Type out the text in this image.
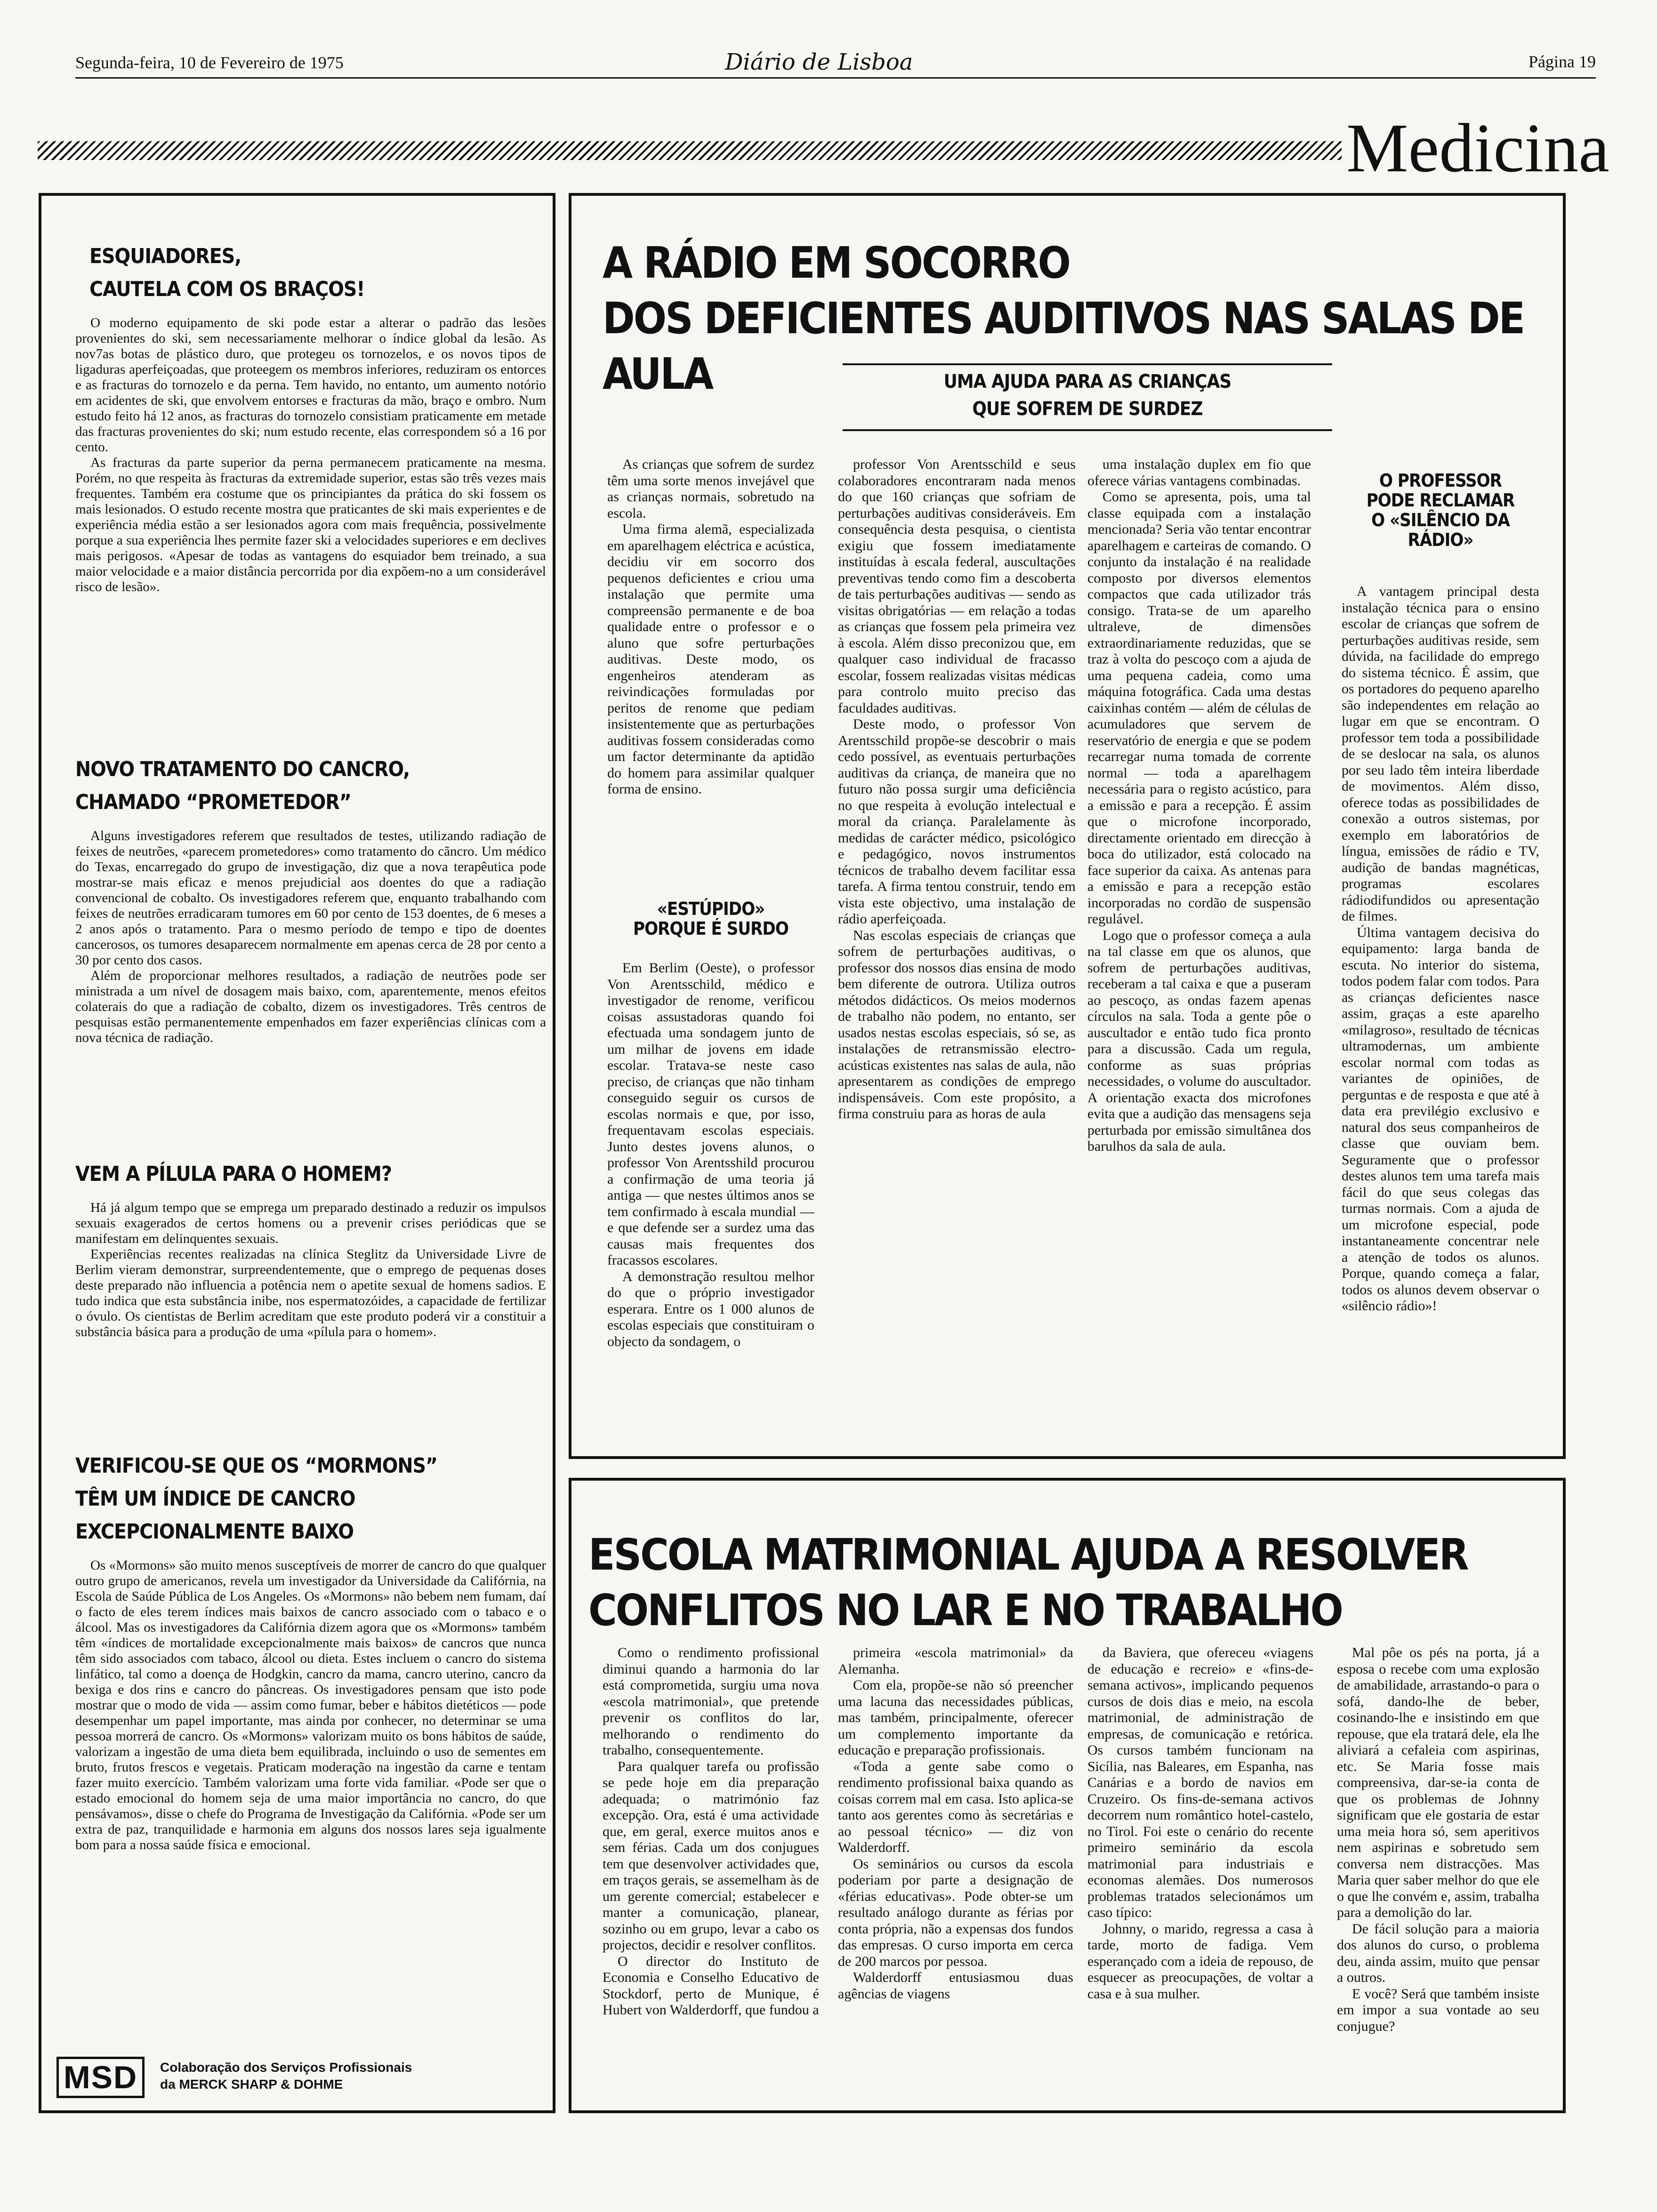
Segunda-feira, 10 de Fevereiro de 1975	Diário de Lisboa	Página 19
Medicina
ESQUIADORES,
CAUTELA COM OS BRAÇOS!

O moderno equipamento de ski pode estar a alterar o padrão das lesões provenientes do ski, sem necessariamente melhorar o índice global da lesão. As nov7as botas de plástico duro, que protegeu os tornozelos, e os novos tipos de ligaduras aperfeiçoadas, que proteegem os membros inferiores, reduziram os entorces e as fracturas do tornozelo e da perna. Tem havido, no entanto, um aumento notório em acidentes de ski, que envolvem entorses e fracturas da mão, braço e ombro. Num estudo feito há 12 anos, as fracturas do tornozelo consistiam praticamente em metade das fracturas provenientes do ski; num estudo recente, elas correspondem só a 16 por cento.

As fracturas da parte superior da perna permanecem praticamente na mesma. Porém, no que respeita às fracturas da extremidade superior, estas são três vezes mais frequentes. Também era costume que os principiantes da prática do ski fossem os mais lesionados. O estudo recente mostra que praticantes de ski mais experientes e de experiência média estão a ser lesionados agora com mais frequência, possivelmente porque a sua experiência lhes permite fazer ski a velocidades superiores e em declives mais perigosos. «Apesar de todas as vantagens do esquiador bem treinado, a sua maior velocidade e a maior distância percorrida por dia expõem-no a um considerável risco de lesão».

NOVO TRATAMENTO DO CANCRO,
CHAMADO “PROMETEDOR”

Alguns investigadores referem que resultados de testes, utilizando radiação de feixes de neutrões, «parecem prometedores» como tratamento do cãncro. Um médico do Texas, encarregado do grupo de investigação, diz que a nova terapêutica pode mostrar-se mais eficaz e menos prejudicial aos doentes do que a radiação convencional de cobalto. Os investigadores referem que, enquanto trabalhando com feixes de neutrões erradicaram tumores em 60 por cento de 153 doentes, de 6 meses a 2 anos após o tratamento. Para o mesmo período de tempo e tipo de doentes cancerosos, os tumores desaparecem normalmente em apenas cerca de 28 por cento a 30 por cento dos casos.

Além de proporcionar melhores resultados, a radiação de neutrões pode ser ministrada a um nível de dosagem mais baixo, com, aparentemente, menos efeitos colaterais do que a radiação de cobalto, dizem os investigadores. Três centros de pesquisas estão permanentemente empenhados em fazer experiências clínicas com a nova técnica de radiação.

VEM A PÍLULA PARA O HOMEM?

Há já algum tempo que se emprega um preparado destinado a reduzir os impulsos sexuais exagerados de certos homens ou a prevenir crises periódicas que se manifestam em delinquentes sexuais.

Experiências recentes realizadas na clínica Steglitz da Universidade Livre de Berlim vieram demonstrar, surpreendentemente, que o emprego de pequenas doses deste preparado não influencia a potência nem o apetite sexual de homens sadios. E tudo indica que esta substância inibe, nos espermatozóides, a capacidade de fertilizar o óvulo. Os cientistas de Berlim acreditam que este produto poderá vir a constituir a substância básica para a produção de uma «pílula para o homem».

VERIFICOU-SE QUE OS “MORMONS”
TÊM UM ÍNDICE DE CANCRO
EXCEPCIONALMENTE BAIXO

Os «Mormons» são muito menos susceptíveis de morrer de cancro do que qualquer outro grupo de americanos, revela um investigador da Universidade da Califórnia, na Escola de Saúde Pública de Los Angeles. Os «Mormons» não bebem nem fumam, daí o facto de eles terem índices mais baixos de cancro associado com o tabaco e o álcool. Mas os investigadores da Califórnia dizem agora que os «Mormons» também têm «índices de mortalidade excepcionalmente mais baixos» de cancros que nunca têm sido associados com tabaco, álcool ou dieta. Estes incluem o cancro do sistema linfático, tal como a doença de Hodgkin, cancro da mama, cancro uterino, cancro da bexiga e dos rins e cancro do pâncreas. Os investigadores pensam que isto pode mostrar que o modo de vida — assim como fumar, beber e hábitos dietéticos — pode desempenhar um papel importante, mas ainda por conhecer, no determinar se uma pessoa morrerá de cancro. Os «Mormons» valorizam muito os bons hábitos de saúde, valorizam a ingestão de uma dieta bem equilibrada, incluindo o uso de sementes em bruto, frutos frescos e vegetais. Praticam moderação na ingestão da carne e tentam fazer muito exercício. Também valorizam uma forte vida familiar. «Pode ser que o estado emocional do homem seja de uma maior importância no cancro, do que pensávamos», disse o chefe do Programa de Investigação da Califórnia. «Pode ser um extra de paz, tranquilidade e harmonia em alguns dos nossos lares seja igualmente bom para a nossa saúde física e emocional.

MSD	Colaboração dos Serviços Profissionais
da MERCK SHARP & DOHME
A RÁDIO EM SOCORRO
DOS DEFICIENTES AUDITIVOS NAS SALAS DE AULA	UMA AJUDA PARA AS CRIANÇAS
QUE SOFREM DE SURDEZ

As crianças que sofrem de surdez têm uma sorte menos invejável que as crianças normais, sobretudo na escola.

Uma firma alemã, especializada em aparelhagem eléctrica e acústica, decidiu vir em socorro dos pequenos deficientes e criou uma instalação que permite uma compreensão permanente e de boa qualidade entre o professor e o aluno que sofre perturbações auditivas. Deste modo, os engenheiros atenderam as reivindicações formuladas por peritos de renome que pediam insistentemente que as perturbações auditivas fossem consideradas como um factor determinante da aptidão do homem para assimilar qualquer forma de ensino.

«ESTÚPIDO»
PORQUE É SURDO

Em Berlim (Oeste), o professor Von Arentsschild, médico e investigador de renome, verificou coisas assustadoras quando foi efectuada uma sondagem junto de um milhar de jovens em idade escolar. Tratava-se neste caso preciso, de crianças que não tinham conseguido seguir os cursos de escolas normais e que, por isso, frequentavam escolas especiais. Junto destes jovens alunos, o professor Von Arentsshild procurou a confirmação de uma teoria já antiga — que nestes últimos anos se tem confirmado à escala mundial — e que defende ser a surdez uma das causas mais frequentes dos fracassos escolares.

A demonstração resultou melhor do que o próprio investigador esperara. Entre os 1 000 alunos de escolas especiais que constituiram o objecto da sondagem, o

professor Von Arentsschild e seus colaboradores encontraram nada menos do que 160 crianças que sofriam de perturbações auditivas consideráveis. Em consequência desta pesquisa, o cientista exigiu que fossem imediatamente instituídas à escala federal, auscultações preventivas tendo como fim a descoberta de tais perturbações auditivas — sendo as visitas obrigatórias — em relação a todas as crianças que fossem pela primeira vez à escola. Além disso preconizou que, em qualquer caso individual de fracasso escolar, fossem realizadas visitas médicas para controlo muito preciso das faculdades auditivas.

Deste modo, o professor Von Arentsschild propõe-se descobrir o mais cedo possível, as eventuais perturbações auditivas da criança, de maneira que no futuro não possa surgir uma deficiência no que respeita à evolução intelectual e moral da criança. Paralelamente às medidas de carácter médico, psicológico e pedagógico, novos instrumentos técnicos de trabalho devem facilitar essa tarefa. A firma tentou construir, tendo em vista este objectivo, uma instalação de rádio aperfeiçoada.

Nas escolas especiais de crianças que sofrem de perturbações auditivas, o professor dos nossos dias ensina de modo bem diferente de outrora. Utiliza outros métodos didácticos. Os meios modernos de trabalho não podem, no entanto, ser usados nestas escolas especiais, só se, as instalações de retransmissão electro-acústicas existentes nas salas de aula, não apresentarem as condições de emprego indispensáveis. Com este propósito, a firma construiu para as horas de aula

uma instalação duplex em fio que oferece várias vantagens combinadas.

Como se apresenta, pois, uma tal classe equipada com a instalação mencionada? Seria vão tentar encontrar aparelhagem e carteiras de comando. O conjunto da instalação é na realidade composto por diversos elementos compactos que cada utilizador trás consigo. Trata-se de um aparelho ultraleve, de dimensões extraordinariamente reduzidas, que se traz à volta do pescoço com a ajuda de uma pequena cadeia, como uma máquina fotográfica. Cada uma destas caixinhas contém — além de células de acumuladores que servem de reservatório de energia e que se podem recarregar numa tomada de corrente normal — toda a aparelhagem necessária para o registo acústico, para a emissão e para a recepção. É assim que o microfone incorporado, directamente orientado em direcção à boca do utilizador, está colocado na face superior da caixa. As antenas para a emissão e para a recepção estão incorporadas no cordão de suspensão regulável.

Logo que o professor começa a aula na tal classe em que os alunos, que sofrem de perturbações auditivas, receberam a tal caixa e que a puseram ao pescoço, as ondas fazem apenas círculos na sala. Toda a gente pôe o auscultador e então tudo fica pronto para a discussão. Cada um regula, conforme as suas próprias necessidades, o volume do auscultador. A orientação exacta dos microfones evita que a audição das mensagens seja perturbada por emissão simultânea dos barulhos da sala de aula.

O PROFESSOR
PODE RECLAMAR
O «SILÊNCIO DA
RÁDIO»

A vantagem principal desta instalação técnica para o ensino escolar de crianças que sofrem de perturbações auditivas reside, sem dúvida, na facilidade do emprego do sistema técnico. É assim, que os portadores do pequeno aparelho são independentes em relação ao lugar em que se encontram. O professor tem toda a possibilidade de se deslocar na sala, os alunos por seu lado têm inteira liberdade de movimentos. Além disso, oferece todas as possibilidades de conexão a outros sistemas, por exemplo em laboratórios de língua, emissões de rádio e TV, audição de bandas magnéticas, programas escolares rádiodifundidos ou apresentação de filmes.

Última vantagem decisiva do equipamento: larga banda de escuta. No interior do sistema, todos podem falar com todos. Para as crianças deficientes nasce assim, graças a este aparelho «milagroso», resultado de técnicas ultramodernas, um ambiente escolar normal com todas as variantes de opiniões, de perguntas e de resposta e que até à data era previlégio exclusivo e natural dos seus companheiros de classe que ouviam bem. Seguramente que o professor destes alunos tem uma tarefa mais fácil do que seus colegas das turmas normais. Com a ajuda de um microfone especial, pode instantaneamente concentrar nele a atenção de todos os alunos. Porque, quando começa a falar, todos os alunos devem observar o «silêncio rádio»!

ESCOLA MATRIMONIAL AJUDA A RESOLVER
CONFLITOS NO LAR E NO TRABALHO

Como o rendimento profissional diminui quando a harmonia do lar está comprometida, surgiu uma nova «escola matrimonial», que pretende prevenir os conflitos do lar, melhorando o rendimento do trabalho, consequentemente.

Para qualquer tarefa ou profissão se pede hoje em dia preparação adequada; o matrimónio faz excepção. Ora, está é uma actividade que, em geral, exerce muitos anos e sem férias. Cada um dos conjugues tem que desenvolver actividades que, em traços gerais, se assemelham às de um gerente comercial; estabelecer e manter a comunicação, planear, sozinho ou em grupo, levar a cabo os projectos, decidir e resolver conflitos.

O director do Instituto de Economia e Conselho Educativo de Stockdorf, perto de Munique, é Hubert von Walderdorff, que fundou a

primeira «escola matrimonial» da Alemanha.

Com ela, propõe-se não só preencher uma lacuna das necessidades públicas, mas também, principalmente, oferecer um complemento importante da educação e preparação profissionais.

«Toda a gente sabe como o rendimento profissional baixa quando as coisas correm mal em casa. Isto aplica-se tanto aos gerentes como às secretárias e ao pessoal técnico» — diz von Walderdorff.

Os seminários ou cursos da escola poderiam por parte a designação de «férias educativas». Pode obter-se um resultado análogo durante as férias por conta própria, não a expensas dos fundos das empresas. O curso importa em cerca de 200 marcos por pessoa.

Walderdorff entusiasmou duas agências de viagens

da Baviera, que ofereceu «viagens de educação e recreio» e «fins-de-semana activos», implicando pequenos cursos de dois dias e meio, na escola matrimonial, de administração de empresas, de comunicação e retórica. Os cursos também funcionam na Sicília, nas Baleares, em Espanha, nas Canárias e a bordo de navios em Cruzeiro. Os fins-de-semana activos decorrem num romântico hotel-castelo, no Tirol. Foi este o cenário do recente primeiro seminário da escola matrimonial para industriais e economas alemães. Dos numerosos problemas tratados selecionámos um caso típico:

Johnny, o marido, regressa a casa à tarde, morto de fadiga. Vem esperançado com a ideia de repouso, de esquecer as preocupações, de voltar a casa e à sua mulher.

Mal pôe os pés na porta, já a esposa o recebe com uma explosão de amabilidade, arrastando-o para o sofá, dando-lhe de beber, cosinando-lhe e insistindo em que repouse, que ela tratará dele, ela lhe aliviará a cefaleia com aspirinas, etc. Se Maria fosse mais compreensiva, dar-se-ia conta de que os problemas de Johnny significam que ele gostaria de estar uma meia hora só, sem aperitivos nem aspirinas e sobretudo sem conversa nem distracções. Mas Maria quer saber melhor do que ele o que lhe convém e, assim, trabalha para a demolição do lar.

De fácil solução para a maioria dos alunos do curso, o problema deu, ainda assim, muito que pensar a outros.

E você? Será que também insiste em impor a sua vontade ao seu conjugue?
